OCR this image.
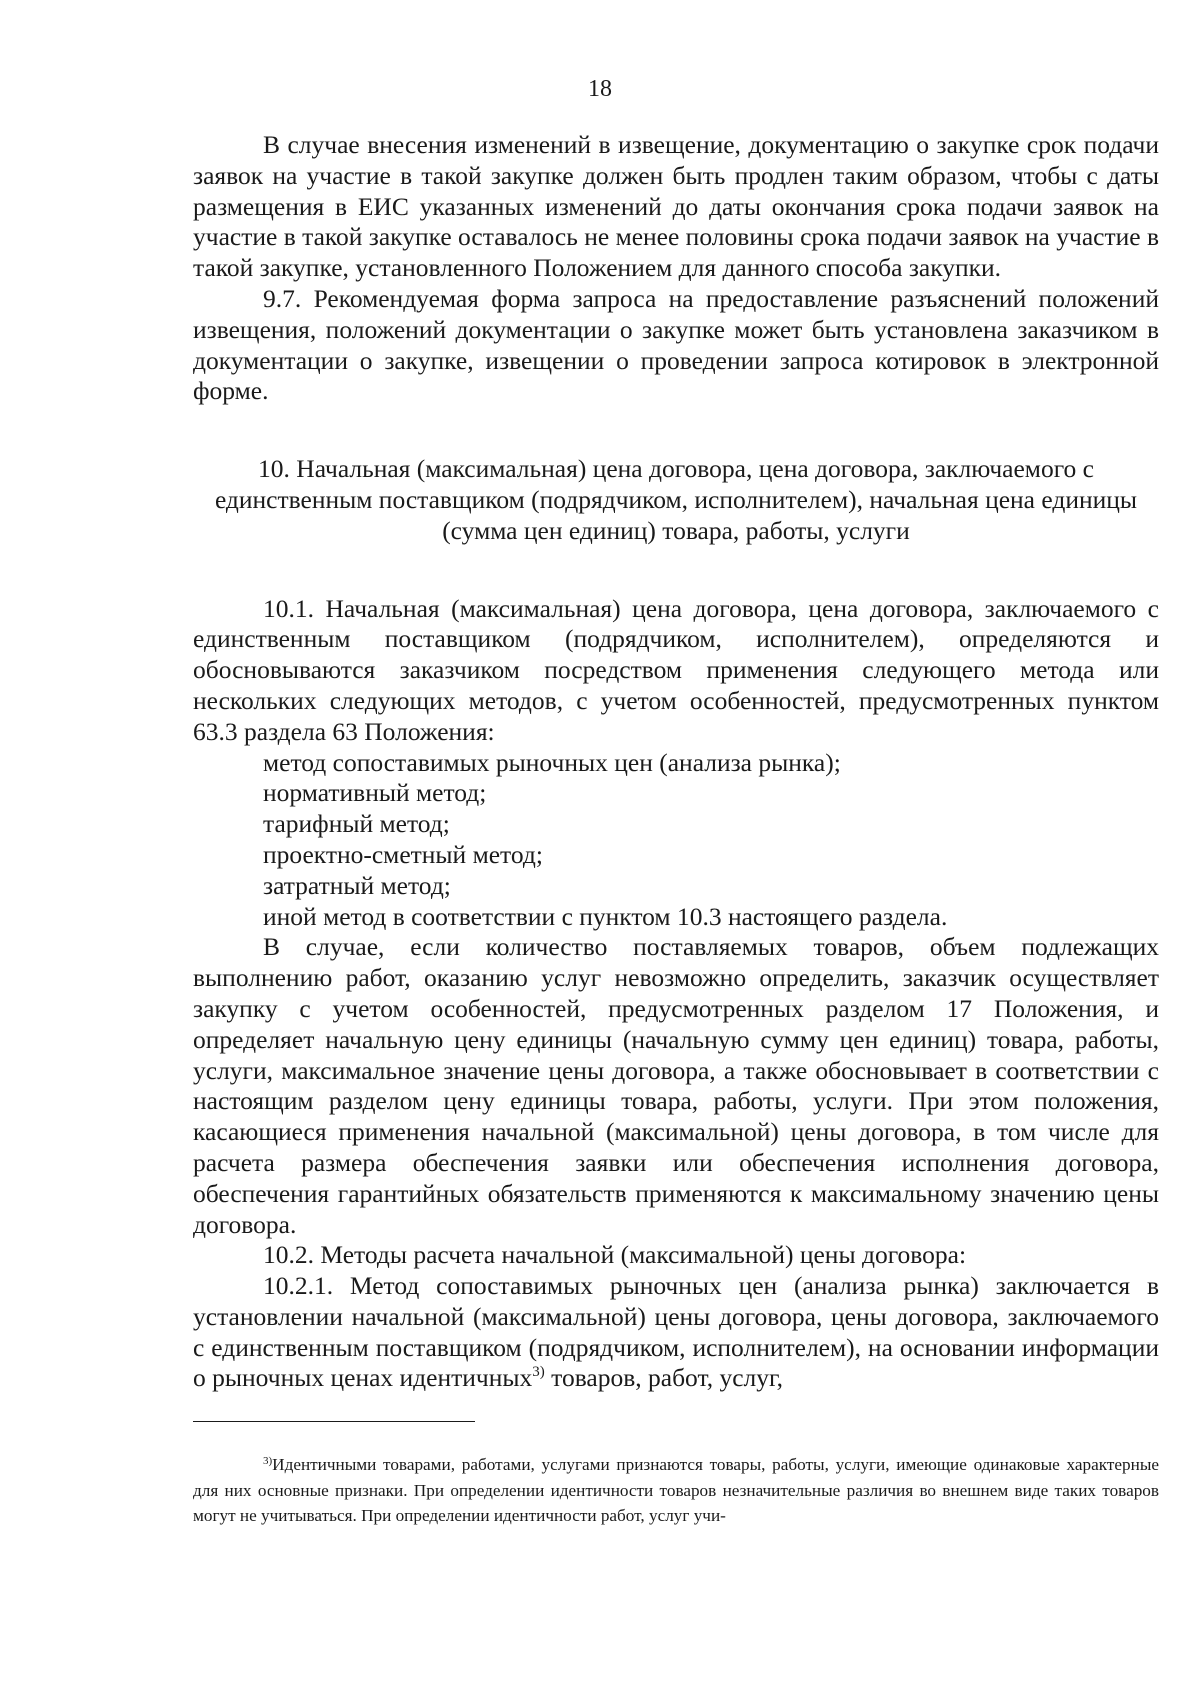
18

В случае внесения изменений в извещение, документацию о закупке срок подачи заявок на участие в такой закупке должен быть продлен таким образом, чтобы с даты размещения в ЕИС указанных изменений до даты окончания срока подачи заявок на участие в такой закупке оставалось не менее половины срока подачи заявок на участие в такой закупке, установленного Положением для данного способа закупки.

9.7. Рекомендуемая форма запроса на предоставление разъяснений положений извещения, положений документации о закупке может быть установлена заказчиком в документации о закупке, извещении о проведении запроса котировок в электронной форме.

10. Начальная (максимальная) цена договора, цена договора, заключаемого с единственным поставщиком (подрядчиком, исполнителем), начальная цена единицы (сумма цен единиц) товара, работы, услуги

10.1. Начальная (максимальная) цена договора, цена договора, заключаемого с единственным поставщиком (подрядчиком, исполнителем), определяются и обосновываются заказчиком посредством применения следующего метода или нескольких следующих методов, с учетом особенностей, предусмотренных пунктом 63.3 раздела 63 Положения:

метод сопоставимых рыночных цен (анализа рынка);

нормативный метод;

тарифный метод;

проектно-сметный метод;

затратный метод;

иной метод в соответствии с пунктом 10.3 настоящего раздела.

В случае, если количество поставляемых товаров, объем подлежащих выполнению работ, оказанию услуг невозможно определить, заказчик осуществляет закупку с учетом особенностей, предусмотренных разделом 17 Положения, и определяет начальную цену единицы (начальную сумму цен единиц) товара, работы, услуги, максимальное значение цены договора, а также обосновывает в соответствии с настоящим разделом цену единицы товара, работы, услуги. При этом положения, касающиеся применения начальной (максимальной) цены договора, в том числе для расчета размера обеспечения заявки или обеспечения исполнения договора, обеспечения гарантийных обязательств применяются к максимальному значению цены договора.

10.2. Методы расчета начальной (максимальной) цены договора:

10.2.1. Метод сопоставимых рыночных цен (анализа рынка) заключается в установлении начальной (максимальной) цены договора, цены договора, заключаемого с единственным поставщиком (подрядчиком, исполнителем), на основании информации о рыночных ценах идентичных$^{3)}$ товаров, работ, услуг,

$^{3)}$Идентичными товарами, работами, услугами признаются товары, работы, услуги, имеющие одинаковые характерные для них основные признаки. При определении идентичности товаров незначительные различия во внешнем виде таких товаров могут не учитываться. При определении идентичности работ, услуг учи-
